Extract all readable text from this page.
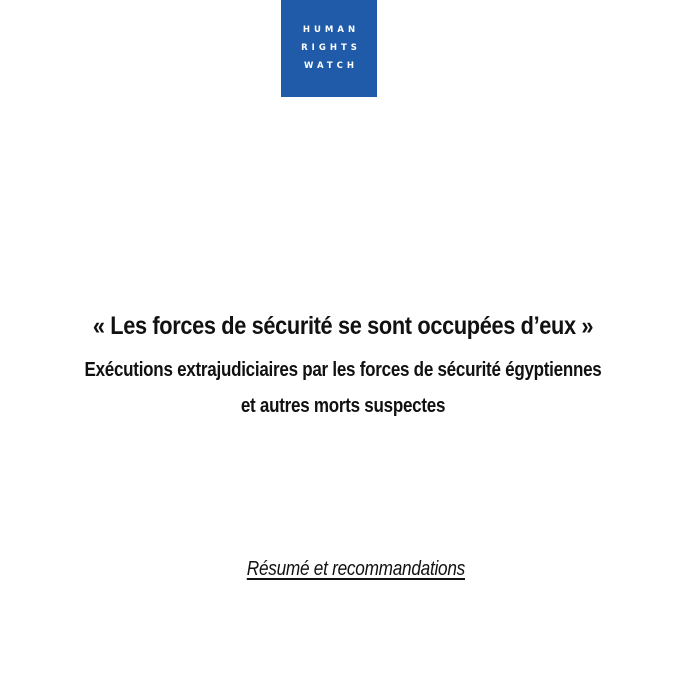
HUMAN
RIGHTS
WATCH
« Les forces de sécurité se sont occupées d’eux »
Exécutions extrajudiciaires par les forces de sécurité égyptiennes
et autres morts suspectes
Résumé et recommandations
